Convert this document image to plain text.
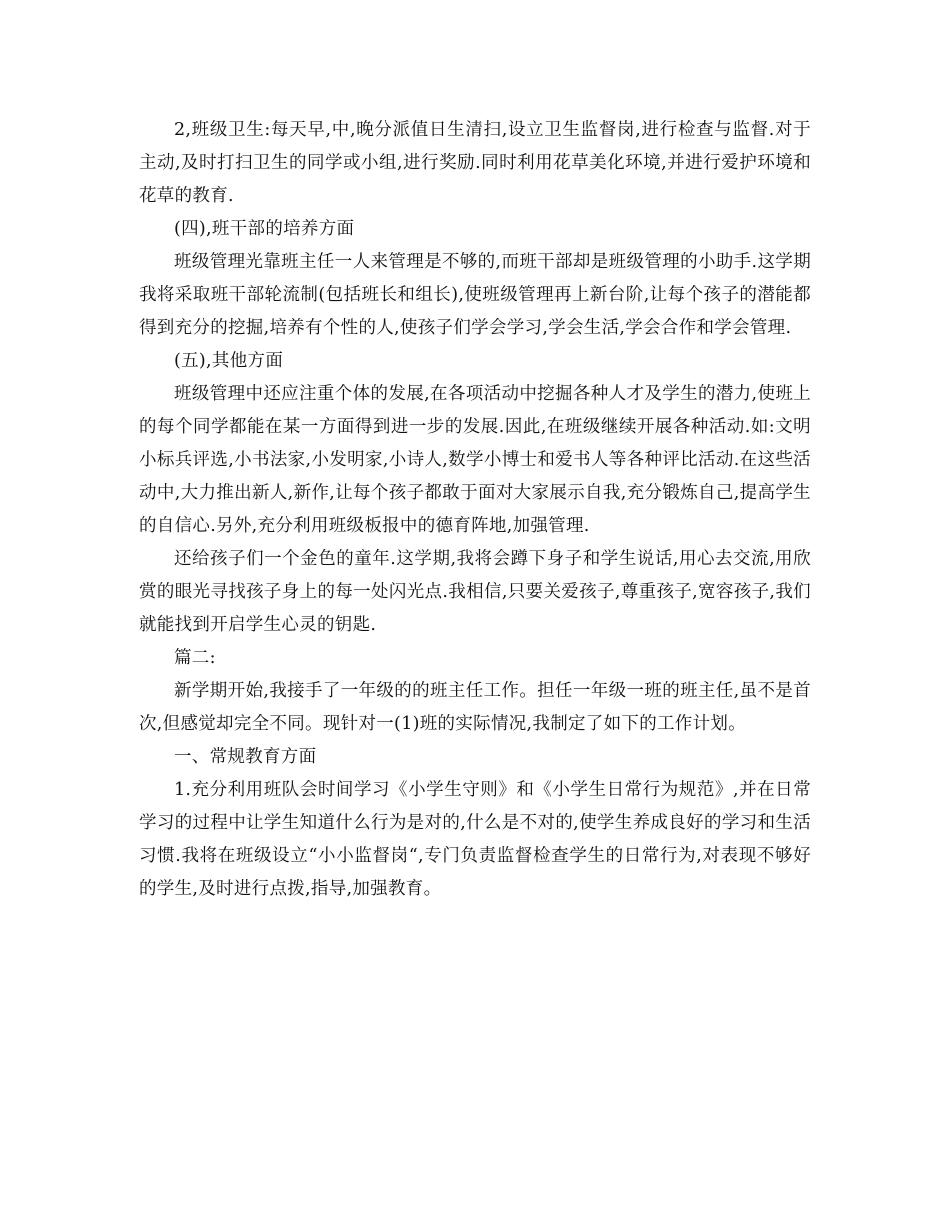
2,班级卫生:每天早,中,晚分派值日生清扫,设立卫生监督岗,进行检查与监督.对于主动,及时打扫卫生的同学或小组,进行奖励.同时利用花草美化环境,并进行爱护环境和花草的教育.

(四),班干部的培养方面

班级管理光靠班主任一人来管理是不够的,而班干部却是班级管理的小助手.这学期我将采取班干部轮流制(包括班长和组长),使班级管理再上新台阶,让每个孩子的潜能都得到充分的挖掘,培养有个性的人,使孩子们学会学习,学会生活,学会合作和学会管理.

(五),其他方面

班级管理中还应注重个体的发展,在各项活动中挖掘各种人才及学生的潜力,使班上的每个同学都能在某一方面得到进一步的发展.因此,在班级继续开展各种活动.如:文明小标兵评选,小书法家,小发明家,小诗人,数学小博士和爱书人等各种评比活动.在这些活动中,大力推出新人,新作,让每个孩子都敢于面对大家展示自我,充分锻炼自己,提高学生的自信心.另外,充分利用班级板报中的德育阵地,加强管理.

还给孩子们一个金色的童年.这学期,我将会蹲下身子和学生说话,用心去交流,用欣赏的眼光寻找孩子身上的每一处闪光点.我相信,只要关爱孩子,尊重孩子,宽容孩子,我们就能找到开启学生心灵的钥匙.

篇二:

新学期开始,我接手了一年级的的班主任工作。担任一年级一班的班主任,虽不是首次,但感觉却完全不同。现针对一(1)班的实际情况,我制定了如下的工作计划。

一、常规教育方面

1.充分利用班队会时间学习《小学生守则》和《小学生日常行为规范》,并在日常学习的过程中让学生知道什么行为是对的,什么是不对的,使学生养成良好的学习和生活习惯.我将在班级设立“小小监督岗“,专门负责监督检查学生的日常行为,对表现不够好的学生,及时进行点拨,指导,加强教育。
